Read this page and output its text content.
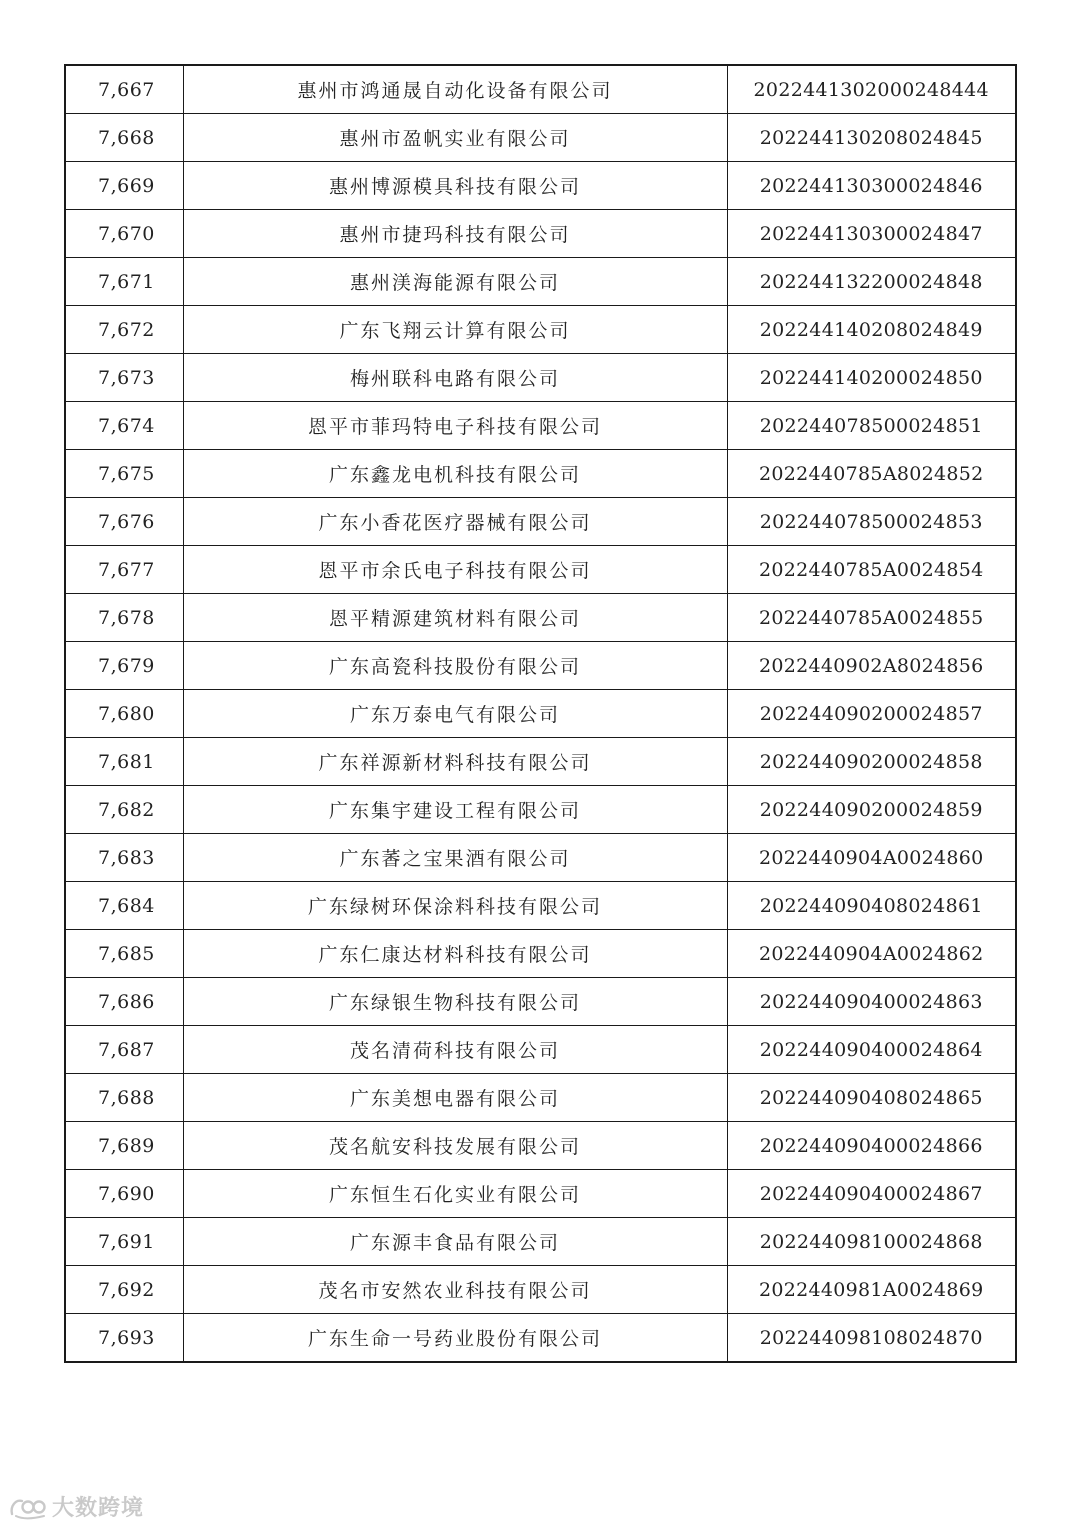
7,667	惠州市鸿通晟自动化设备有限公司	2022441302000248444
7,668	惠州市盈帆实业有限公司	202244130208024845
7,669	惠州博源模具科技有限公司	202244130300024846
7,670	惠州市捷玛科技有限公司	202244130300024847
7,671	惠州渼海能源有限公司	202244132200024848
7,672	广东飞翔云计算有限公司	202244140208024849
7,673	梅州联科电路有限公司	202244140200024850
7,674	恩平市菲玛特电子科技有限公司	202244078500024851
7,675	广东鑫龙电机科技有限公司	2022440785A8024852
7,676	广东小香花医疗器械有限公司	202244078500024853
7,677	恩平市余氏电子科技有限公司	2022440785A0024854
7,678	恩平精源建筑材料有限公司	2022440785A0024855
7,679	广东高瓷科技股份有限公司	2022440902A8024856
7,680	广东万泰电气有限公司	202244090200024857
7,681	广东祥源新材料科技有限公司	202244090200024858
7,682	广东集宇建设工程有限公司	202244090200024859
7,683	广东萫之宝果酒有限公司	2022440904A0024860
7,684	广东绿树环保涂料科技有限公司	202244090408024861
7,685	广东仁康达材料科技有限公司	2022440904A0024862
7,686	广东绿银生物科技有限公司	202244090400024863
7,687	茂名清荷科技有限公司	202244090400024864
7,688	广东美想电器有限公司	202244090408024865
7,689	茂名航安科技发展有限公司	202244090400024866
7,690	广东恒生石化实业有限公司	202244090400024867
7,691	广东源丰食品有限公司	202244098100024868
7,692	茂名市安然农业科技有限公司	2022440981A0024869
7,693	广东生命一号药业股份有限公司	202244098108024870
大数跨境
